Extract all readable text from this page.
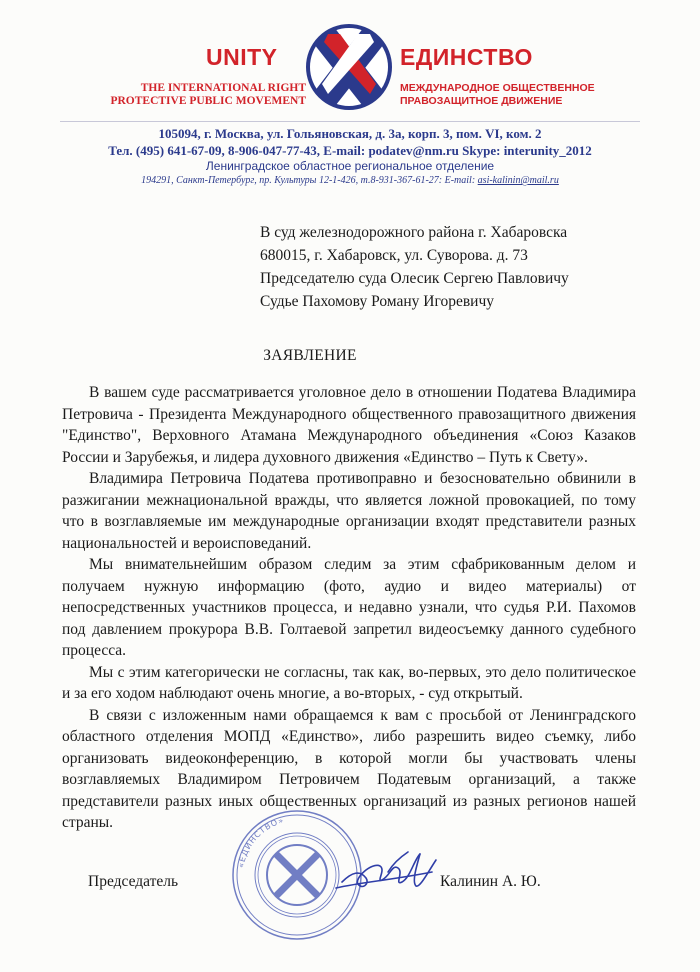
UNITY	ЕДИНСТВО
THE INTERNATIONAL RIGHT
PROTECTIVE PUBLIC MOVEMENT
МЕЖДУНАРОДНОЕ ОБЩЕСТВЕННОЕ
ПРАВОЗАЩИТНОЕ ДВИЖЕНИЕ
105094, г. Москва, ул. Гольяновская, д. 3а, корп. 3, пом. VI, ком. 2
Тел. (495) 641-67-09, 8-906-047-77-43, E-mail: podatev@nm.ru Skype: interunity_2012
Ленинградское областное региональное отделение
194291, Санкт-Петербург, пр. Культуры 12-1-426, т.8-931-367-61-27: E-mail: asi-kalinin@mail.ru
В суд железнодорожного района г. Хабаровска
680015, г. Хабаровск, ул. Суворова. д. 73
Председателю суда Олесик Сергею Павловичу
Судье Пахомову Роману Игоревичу
ЗАЯВЛЕНИЕ

В вашем суде рассматривается уголовное дело в отношении Податева Владимира Петровича - Президента Международного общественного правозащитного движения "Единство", Верховного Атамана Международного объединения «Союз Казаков России и Зарубежья, и лидера духовного движения «Единство – Путь к Свету».

Владимира Петровича Податева противоправно и безосновательно обвинили в разжигании межнациональной вражды, что является ложной провокацией, по тому что в возглавляемые им международные организации входят представители разных национальностей и вероисповеданий.

Мы внимательнейшим образом следим за этим сфабрикованным делом и получаем нужную информацию (фото, аудио и видео материалы) от непосредственных участников процесса, и недавно узнали, что судья Р.И. Пахомов под давлением прокурора В.В. Голтаевой запретил видеосъемку данного судебного процесса.

Мы с этим категорически не согласны, так как, во-первых, это дело политическое и за его ходом наблюдают очень многие, а во-вторых, - суд открытый.

В связи с изложенным нами обращаемся к вам с просьбой от Ленинградского областного отделения МОПД «Единство», либо разрешить видео съемку, либо организовать видеоконференцию, в которой могли бы участвовать члены возглавляемых Владимиром Петровичем Податевым организаций, а также представители разных иных общественных организаций из разных регионов нашей страны.

«ЕДИНСТВО»
Председатель	Калинин А. Ю.
